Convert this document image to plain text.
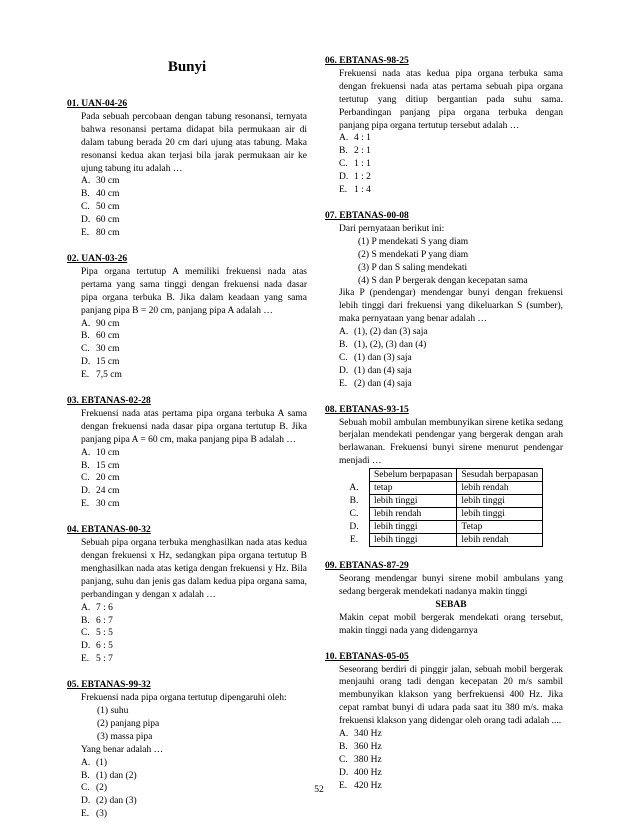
Bunyi
01. UAN-04-26
Pada sebuah percobaan dengan tabung resonansi, ternyata bahwa resonansi pertama didapat bila permukaan air di dalam tabung berada 20 cm dari ujung atas tabung. Maka resonansi kedua akan terjasi bila jarak permukaan air ke ujung tabung itu adalah …
A. 30 cm
B. 40 cm
C. 50 cm
D. 60 cm
E. 80 cm
02. UAN-03-26
Pipa organa tertutup A memiliki frekuensi nada atas pertama yang sama tinggi dengan frekuensi nada dasar pipa organa terbuka B. Jika dalam keadaan yang sama panjang pipa B = 20 cm, panjang pipa A adalah …
A. 90 cm
B. 60 cm
C. 30 cm
D. 15 cm
E. 7,5 cm
03. EBTANAS-02-28
Frekuensi nada atas pertama pipa organa terbuka A sama dengan frekuensi nada dasar pipa organa tertutup B. Jika panjang pipa A = 60 cm, maka panjang pipa B adalah …
A. 10 cm
B. 15 cm
C. 20 cm
D. 24 cm
E. 30 cm
04. EBTANAS-00-32
Sebuah pipa organa terbuka menghasilkan nada atas kedua dengan frekuensi x Hz, sedangkan pipa organa tertutup B menghasilkan nada atas ketiga dengan frekuensi y Hz. Bila panjang, suhu dan jenis gas dalam kedua pipa organa sama, perbandingan y dengan x adalah …
A. 7 : 6
B. 6 : 7
C. 5 : 5
D. 6 : 5
E. 5 : 7
05. EBTANAS-99-32
Frekuensi nada pipa organa tertutup dipengaruhi oleh:
(1) suhu
(2) panjang pipa
(3) massa pipa
Yang benar adalah …
A. (1)
B. (1) dan (2)
C. (2)
D. (2) dan (3)
E. (3)
06. EBTANAS-98-25
Frekuensi nada atas kedua pipa organa terbuka sama dengan frekuensi nada atas pertama sebuah pipa organa tertutup yang ditiup bergantian pada suhu sama. Perbandingan panjang pipa organa terbuka dengan panjang pipa organa tertutup tersebut adalah …
A. 4 : 1
B. 2 : 1
C. 1 : 1
D. 1 : 2
E. 1 : 4
07. EBTANAS-00-08
Dari pernyataan berikut ini:
(1) P mendekati S yang diam
(2) S mendekati P yang diam
(3) P dan S saling mendekati
(4) S dan P bergerak dengan kecepatan sama
Jika P (pendengar) mendengar bunyi dengan frekuensi lebih tinggi dari frekuensi yang dikeluarkan S (sumber), maka pernyataan yang benar adalah …
A. (1), (2) dan (3) saja
B. (1), (2), (3) dan (4)
C. (1) dan (3) saja
D. (1) dan (4) saja
E. (2) dan (4) saja
08. EBTANAS-93-15
Sebuah mobil ambulan membunyikan sirene ketika sedang berjalan mendekati pendengar yang bergerak dengan arah berlawanan. Frekuensi bunyi sirene menurut pendengar menjadi …
	Sebelum berpapasan	Sesudah berpapasan
A.	tetap	lebih rendah
B.	lebih tinggi	lebih tinggi
C.	lebih rendah	lebih tinggi
D.	lebih tinggi	Tetap
E.	lebih tinggi	lebih rendah
09. EBTANAS-87-29
Seorang mendengar bunyi sirene mobil ambulans yang sedang bergerak mendekati nadanya makin tinggi
SEBAB
Makin cepat mobil bergerak mendekati orang tersebut, makin tinggi nada yang didengarnya
10. EBTANAS-05-05
Seseorang berdiri di pinggir jalan, sebuah mobil bergerak menjauhi orang tadi dengan kecepatan 20 m/s sambil membunyikan klakson yang berfrekuensi 400 Hz. Jika cepat rambat bunyi di udara pada saat itu 380 m/s. maka frekuensi klakson yang didengar oleh orang tadi adalah ....
A. 340 Hz
B. 360 Hz
C. 380 Hz
D. 400 Hz
E. 420 Hz
52
